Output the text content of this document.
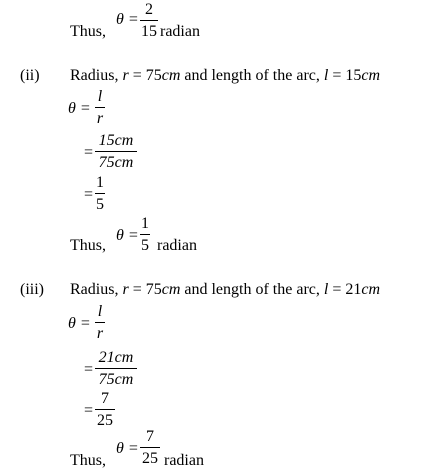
Thus,
θ =
2
15 radian
(ii) Radius, r = 75cm and length of the arc, l = 15cm
θ =
l
r
=
15cm
75cm
=
1
5
Thus,
θ =
1
5 radian
(iii) Radius, r = 75cm and length of the arc, l = 21cm
θ =
l
r
=
21cm
75cm
=
7
25
Thus,
θ =
7
25 radian
